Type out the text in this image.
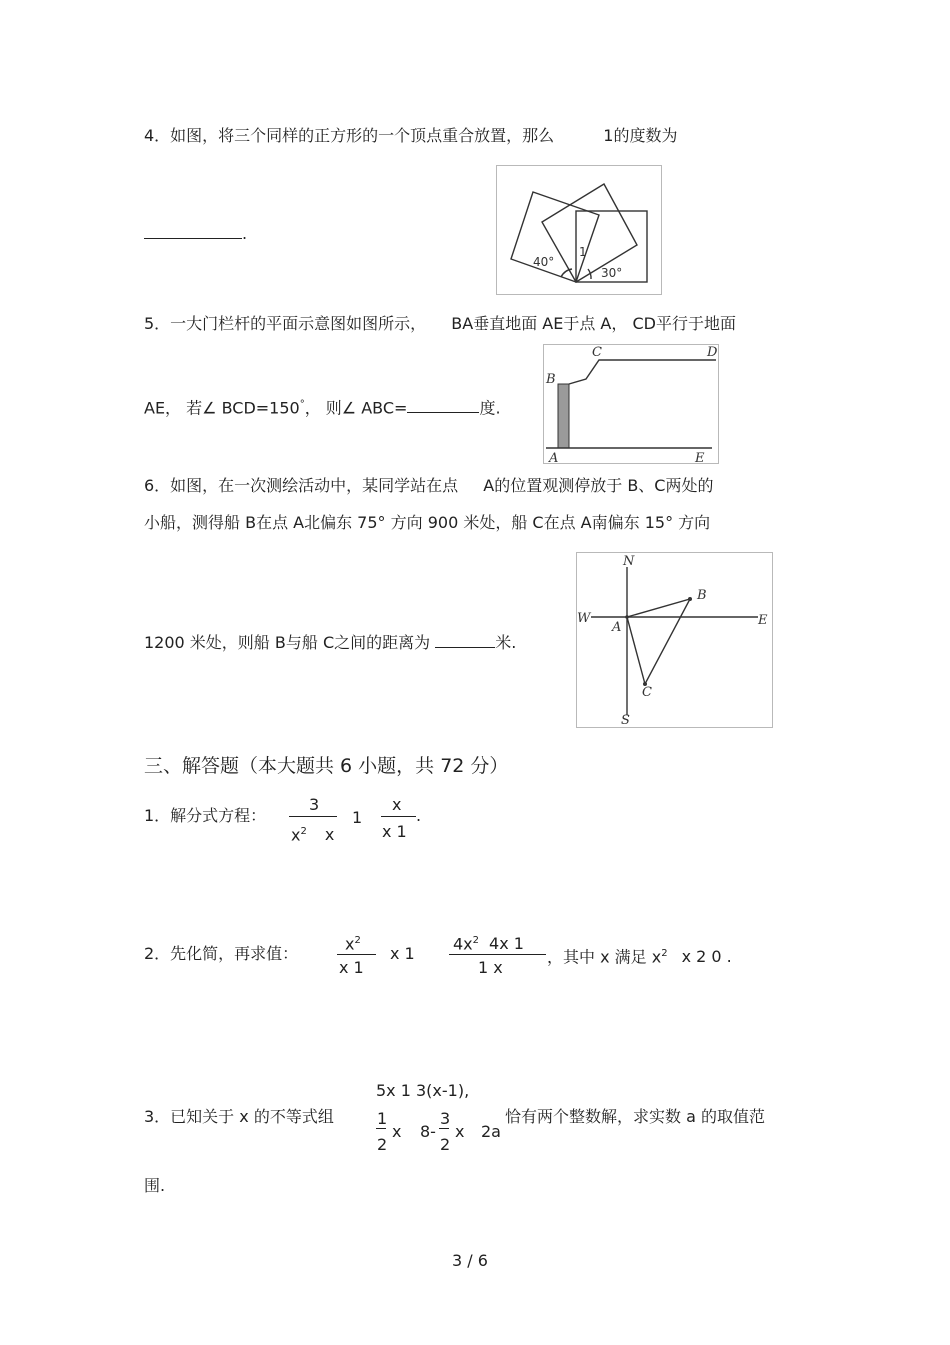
4．如图，将三个同样的正方形的一个顶点重合放置，那么	1的度数为
.
40°
30°
1
5．一大门栏杆的平面示意图如图所示， BA垂直地面 AE于点 A， CD平行于地面
AE， 若∠ BCD=150°， 则∠ ABC=	度.
B
C	D
A	E
6．如图，在一次测绘活动中，某同学站在点 A的位置观测停放于 B、C两处的
小船，测得船 B在点 A北偏东 75° 方向 900 米处，船 C在点 A南偏东 15° 方向
1200 米处，则船 B与船 C之间的距离为	米.
N
S
W	E
A
B
C
三、解答题（本大题共 6 小题，共 72 分）
1．解分式方程：
3
$x^2$ x
1
x
x 1
.
2．先化简，再求值：
$x^2$
x 1
x 1
$4x^2$ 4x 1
1 x
，其中 x 满足 $x^2$ x 2 0 .
5x 1 3(x-1),
3．已知关于 x 的不等式组	1
2
x 8-
3
2
x 2a
恰有两个整数解，求实数 a 的取值范
围.
3 / 6
